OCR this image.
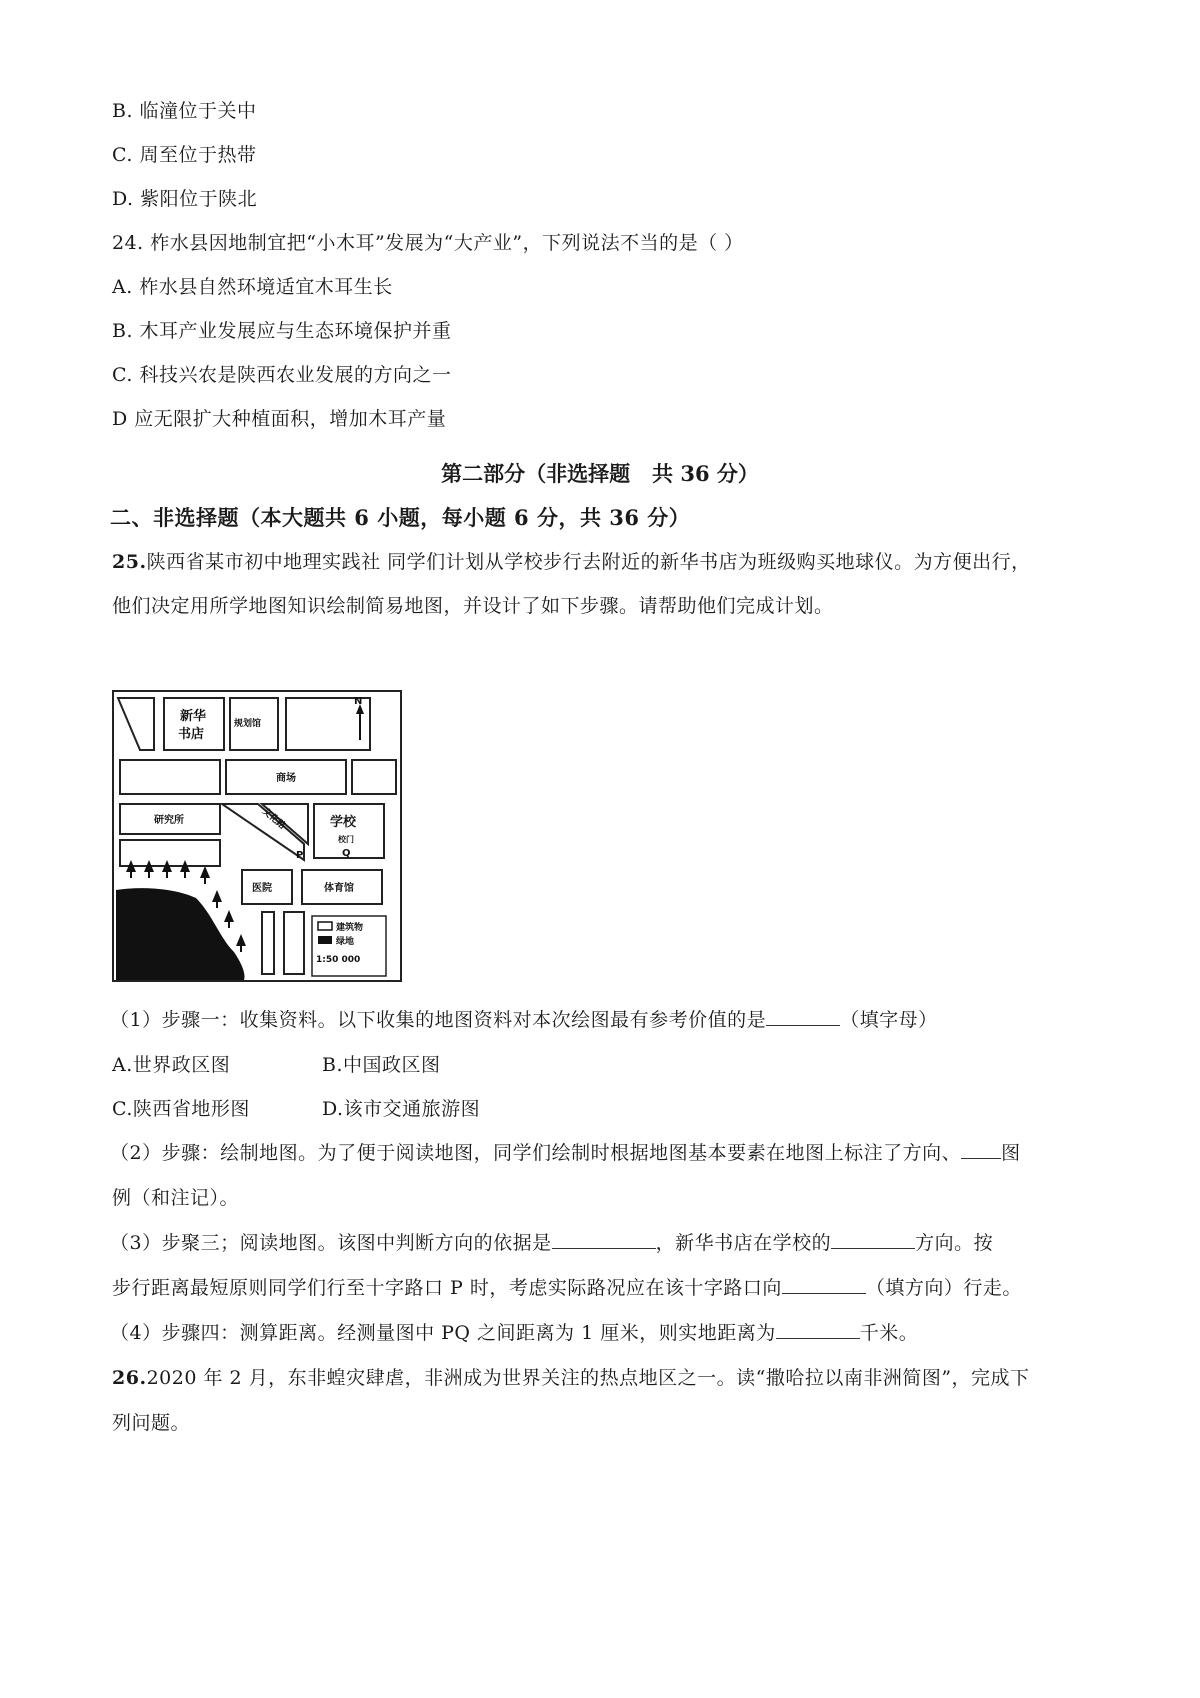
B. 临潼位于关中
C. 周至位于热带
D. 紫阳位于陕北
24. 柞水县因地制宜把“小木耳”发展为“大产业”，下列说法不当的是（ ）
A. 柞水县自然环境适宜木耳生长
B. 木耳产业发展应与生态环境保护并重
C. 科技兴农是陕西农业发展的方向之一
D 应无限扩大种植面积，增加木耳产量
第二部分（非选择题   共 36 分）
二、非选择题（本大题共 6 小题，每小题 6 分，共 36 分）
25.陕西省某市初中地理实践社 同学们计划从学校步行去附近的新华书店为班级购买地球仪。为方便出行，
他们决定用所学地图知识绘制简易地图，并设计了如下步骤。请帮助他们完成计划。
建筑物
绿地
1:50 000
N
新华
书店
规划馆
商场
研究所	文化路	学校
校门
P	Q
医院	体育馆
（1）步骤一：收集资料。以下收集的地图资料对本次绘图最有参考价值的是	（填字母）
A.世界政区图	B.中国政区图
C.陕西省地形图	D.该市交通旅游图
（2）步骤：绘制地图。为了便于阅读地图，同学们绘制时根据地图基本要素在地图上标注了方向、 图
例（和注记）。
（3）步聚三；阅读地图。该图中判断方向的依据是	，新华书店在学校的	方向。按
步行距离最短原则同学们行至十字路口 P 时，考虑实际路况应在该十字路口向	（填方向）行走。
（4）步骤四：测算距离。经测量图中 PQ 之间距离为 1 厘米，则实地距离为	千米。
26.2020 年 2 月，东非蝗灾肆虐，非洲成为世界关注的热点地区之一。读“撒哈拉以南非洲简图”，完成下
列问题。
